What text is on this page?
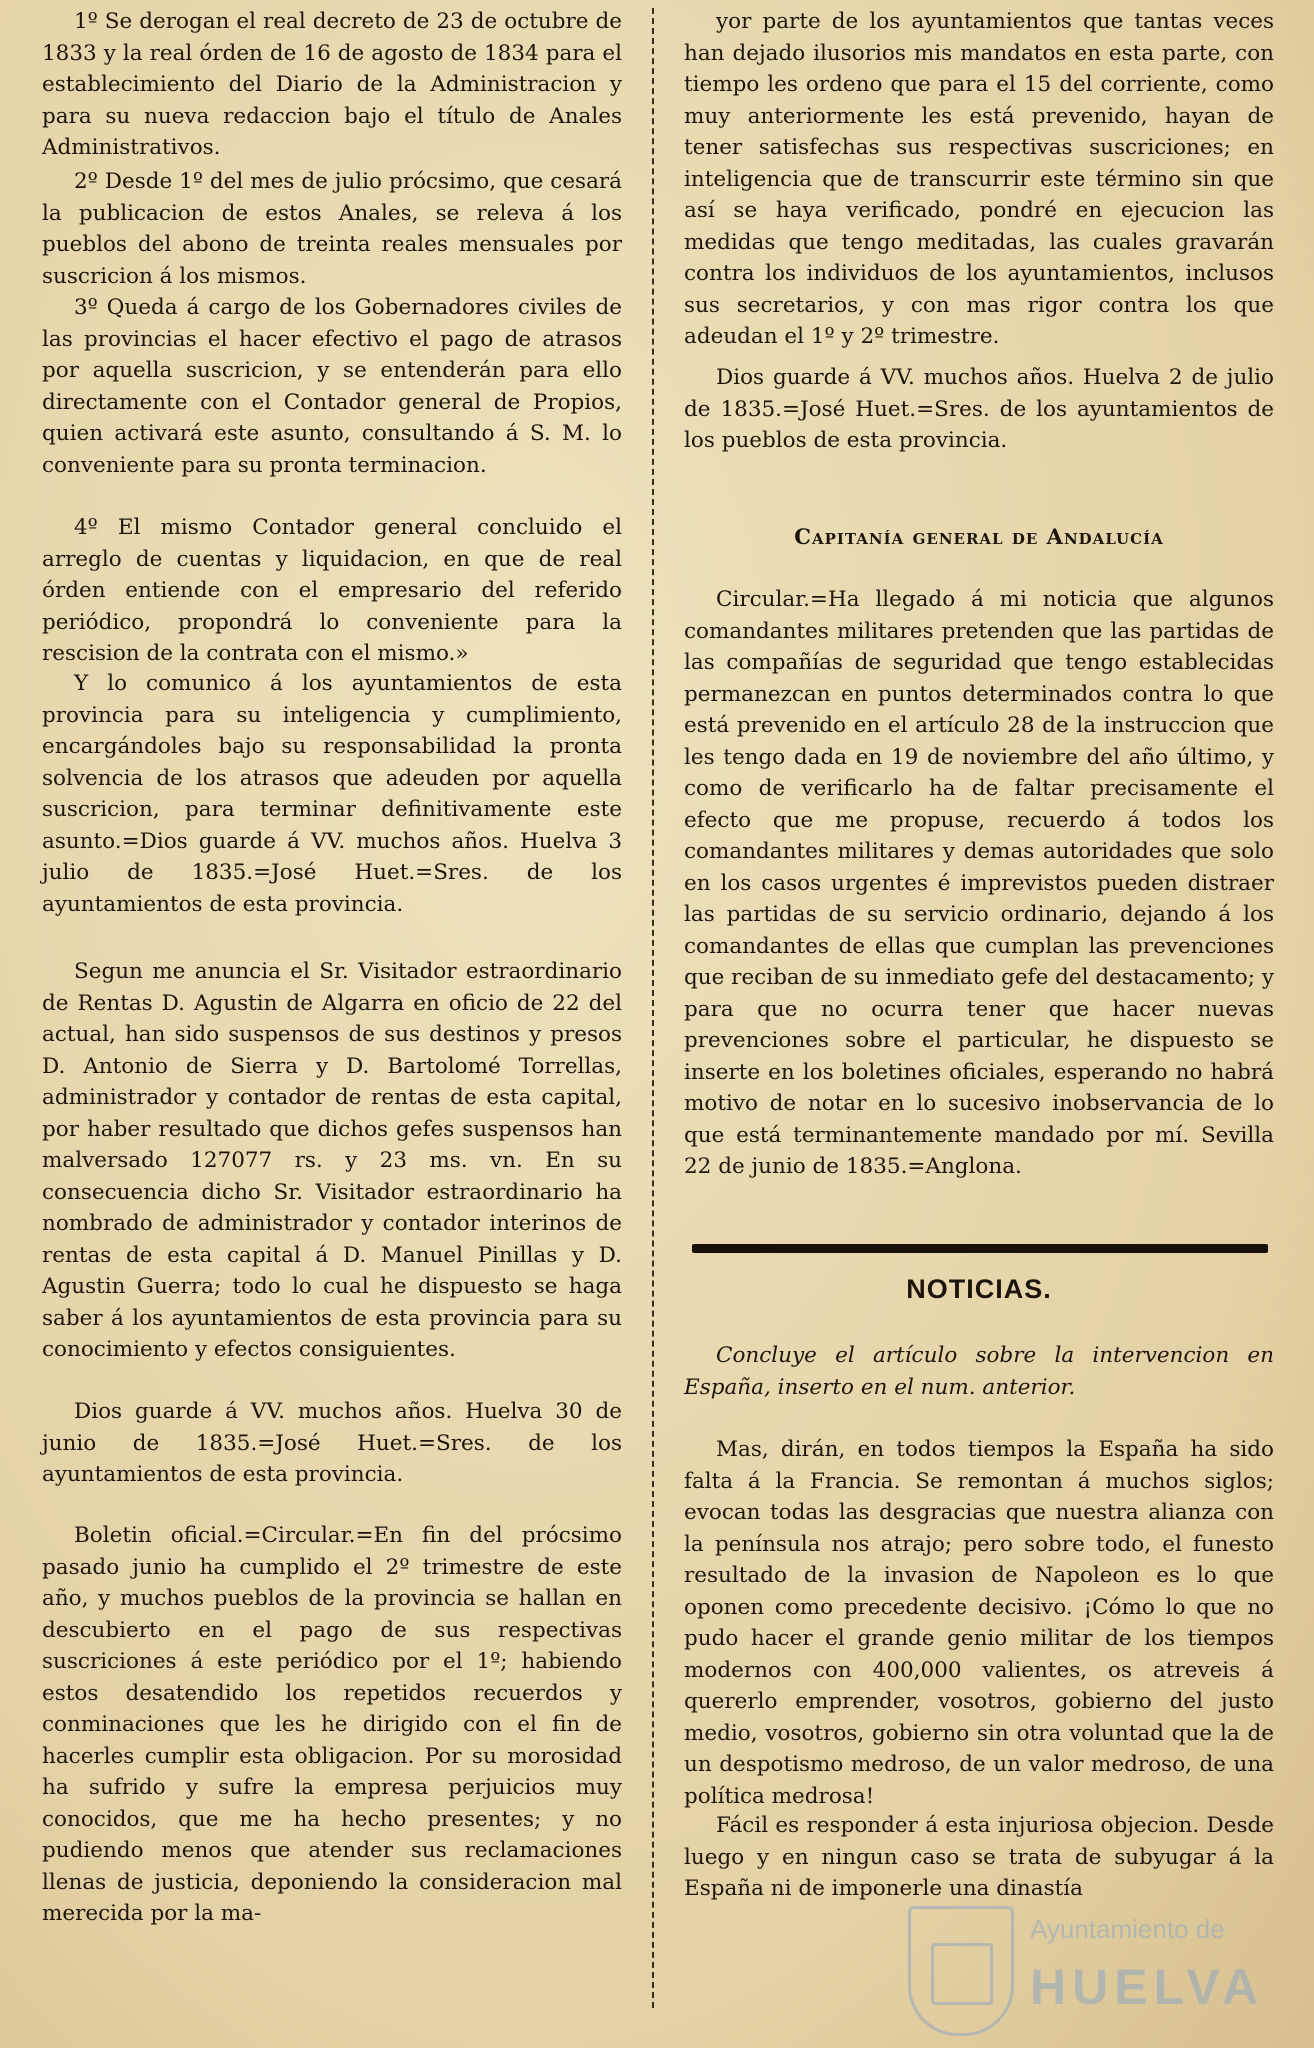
1º Se derogan el real decreto de 23 de octubre de 1833 y la real órden de 16 de agosto de 1834 para el establecimiento del Diario de la Administracion y para su nueva redaccion bajo el título de Anales Administrativos.

2º Desde 1º del mes de julio prócsimo, que cesará la publicacion de estos Anales, se releva á los pueblos del abono de treinta reales mensuales por suscricion á los mismos.

3º Queda á cargo de los Gobernadores civiles de las provincias el hacer efectivo el pago de atrasos por aquella suscricion, y se entenderán para ello directamente con el Contador general de Propios, quien activará este asunto, consultando á S. M. lo conveniente para su pronta terminacion.

4º El mismo Contador general concluido el arreglo de cuentas y liquidacion, en que de real órden entiende con el empresario del referido periódico, propondrá lo conveniente para la rescision de la contrata con el mismo.»

Y lo comunico á los ayuntamientos de esta provincia para su inteligencia y cumplimiento, encargándoles bajo su responsabilidad la pronta solvencia de los atrasos que adeuden por aquella suscricion, para terminar definitivamente este asunto.=Dios guarde á VV. muchos años. Huelva 3 julio de 1835.=José Huet.=Sres. de los ayuntamientos de esta provincia.

Segun me anuncia el Sr. Visitador estraordinario de Rentas D. Agustin de Algarra en oficio de 22 del actual, han sido suspensos de sus destinos y presos D. Antonio de Sierra y D. Bartolomé Torrellas, administrador y contador de rentas de esta capital, por haber resultado que dichos gefes suspensos han malversado 127077 rs. y 23 ms. vn. En su consecuencia dicho Sr. Visitador estraordinario ha nombrado de administrador y contador interinos de rentas de esta capital á D. Manuel Pinillas y D. Agustin Guerra; todo lo cual he dispuesto se haga saber á los ayuntamientos de esta provincia para su conocimiento y efectos consiguientes.

Dios guarde á VV. muchos años. Huelva 30 de junio de 1835.=José Huet.=Sres. de los ayuntamientos de esta provincia.

Boletin oficial.=Circular.=En fin del prócsimo pasado junio ha cumplido el 2º trimestre de este año, y muchos pueblos de la provincia se hallan en descubierto en el pago de sus respectivas suscriciones á este periódico por el 1º; habiendo estos desatendido los repetidos recuerdos y conminaciones que les he dirigido con el fin de hacerles cumplir esta obligacion. Por su morosidad ha sufrido y sufre la empresa perjuicios muy conocidos, que me ha hecho presentes; y no pudiendo menos que atender sus reclamaciones llenas de justicia, deponiendo la consideracion mal merecida por la ma-

yor parte de los ayuntamientos que tantas veces han dejado ilusorios mis mandatos en esta parte, con tiempo les ordeno que para el 15 del corriente, como muy anteriormente les está prevenido, hayan de tener satisfechas sus respectivas suscriciones; en inteligencia que de transcurrir este término sin que así se haya verificado, pondré en ejecucion las medidas que tengo meditadas, las cuales gravarán contra los individuos de los ayuntamientos, inclusos sus secretarios, y con mas rigor contra los que adeudan el 1º y 2º trimestre.

Dios guarde á VV. muchos años. Huelva 2 de julio de 1835.=José Huet.=Sres. de los ayuntamientos de los pueblos de esta provincia.

Capitanía general de Andalucía

Circular.=Ha llegado á mi noticia que algunos comandantes militares pretenden que las partidas de las compañías de seguridad que tengo establecidas permanezcan en puntos determinados contra lo que está prevenido en el artículo 28 de la instruccion que les tengo dada en 19 de noviembre del año último, y como de verificarlo ha de faltar precisamente el efecto que me propuse, recuerdo á todos los comandantes militares y demas autoridades que solo en los casos urgentes é imprevistos pueden distraer las partidas de su servicio ordinario, dejando á los comandantes de ellas que cumplan las prevenciones que reciban de su inmediato gefe del destacamento; y para que no ocurra tener que hacer nuevas prevenciones sobre el particular, he dispuesto se inserte en los boletines oficiales, esperando no habrá motivo de notar en lo sucesivo inobservancia de lo que está terminantemente mandado por mí. Sevilla 22 de junio de 1835.=Anglona.

NOTICIAS.

Concluye el artículo sobre la intervencion en España, inserto en el num. anterior.

Mas, dirán, en todos tiempos la España ha sido falta á la Francia. Se remontan á muchos siglos; evocan todas las desgracias que nuestra alianza con la península nos atrajo; pero sobre todo, el funesto resultado de la invasion de Napoleon es lo que oponen como precedente decisivo. ¡Cómo lo que no pudo hacer el grande genio militar de los tiempos modernos con 400,000 valientes, os atreveis á quererlo emprender, vosotros, gobierno del justo medio, vosotros, gobierno sin otra voluntad que la de un despotismo medroso, de un valor medroso, de una política medrosa!

Fácil es responder á esta injuriosa objecion. Desde luego y en ningun caso se trata de subyugar á la España ni de imponerle una dinastía

Ayuntamiento de
HUELVA
